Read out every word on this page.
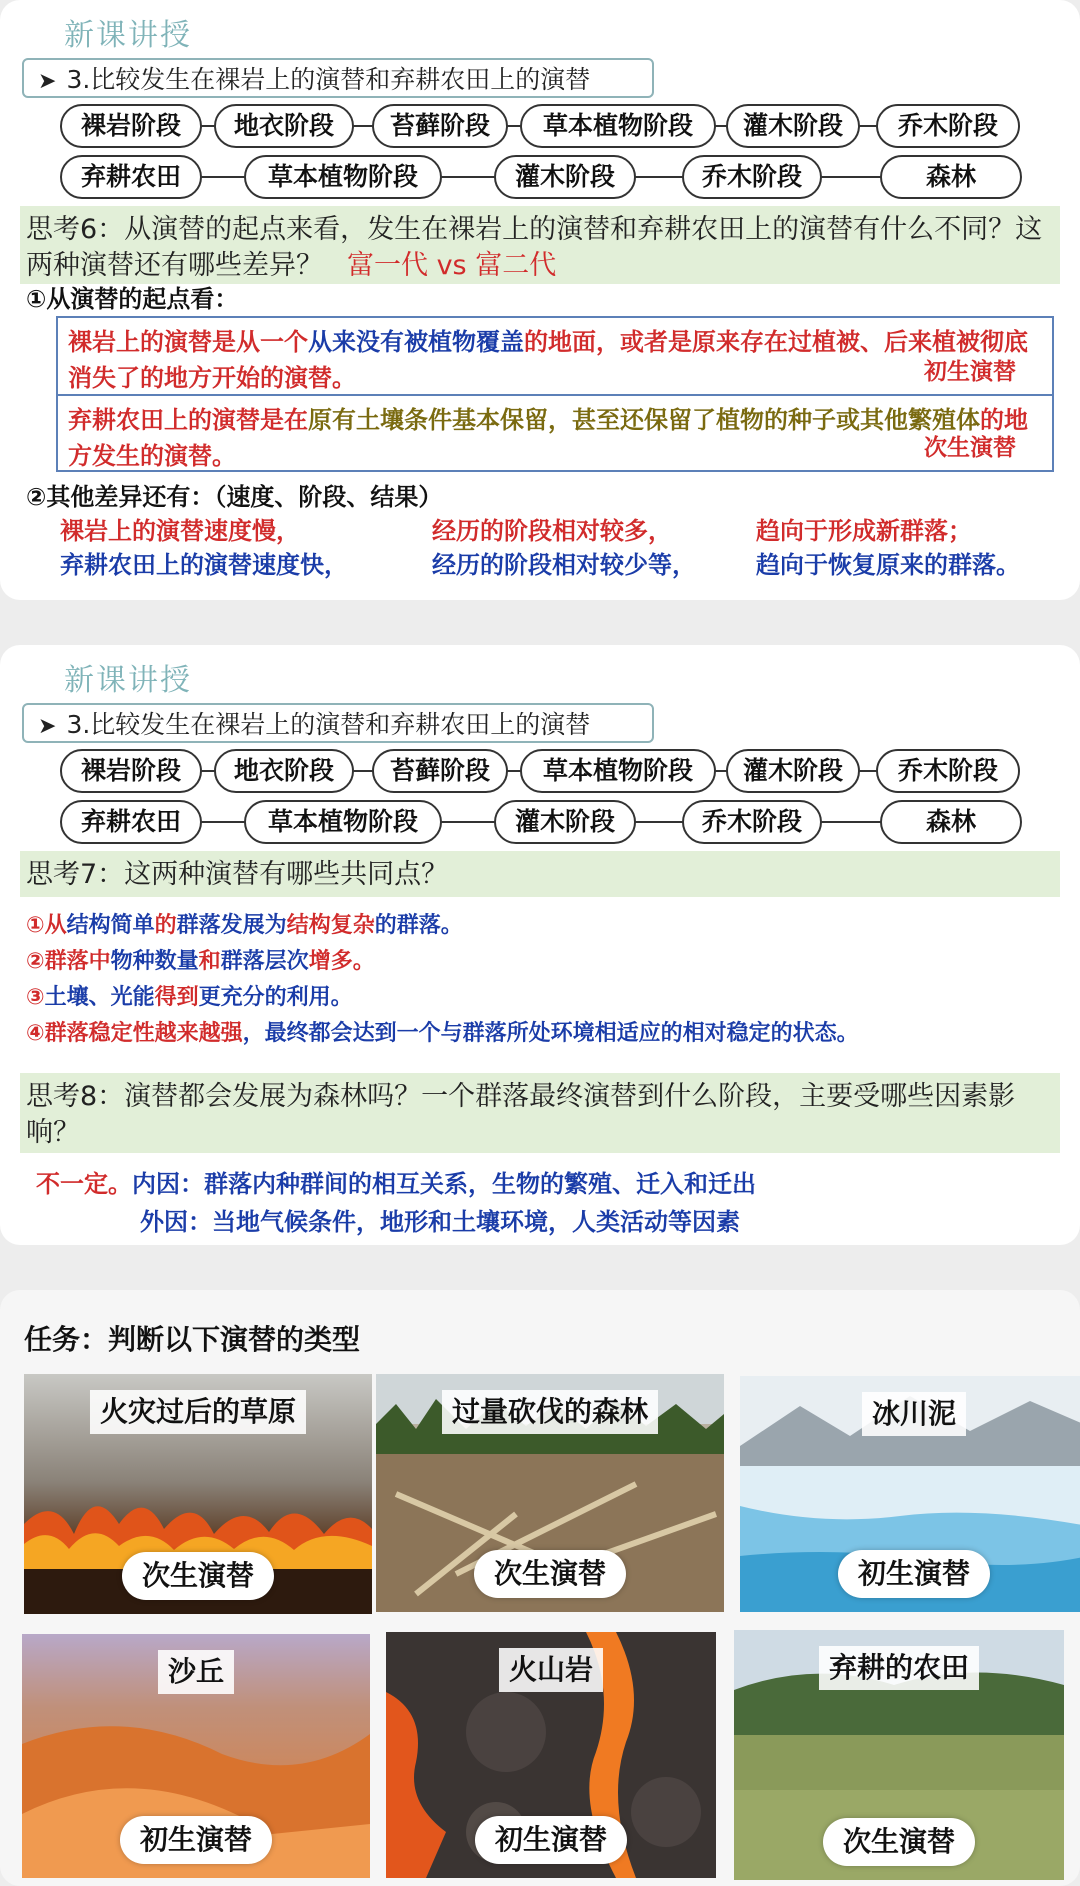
新课讲授
➤ 3.比较发生在裸岩上的演替和弃耕农田上的演替
裸岩阶段	地衣阶段	苔藓阶段	草本植物阶段	灌木阶段	乔木阶段
弃耕农田	草本植物阶段	灌木阶段	乔木阶段	森林
思考6：从演替的起点来看，发生在裸岩上的演替和弃耕农田上的演替有什么不同？这两种演替还有哪些差异？ 富一代 vs 富二代
①从演替的起点看：
裸岩上的演替是从一个从来没有被植物覆盖的地面，或者是原来存在过植被、后来植被彻底消失了的地方开始的演替。	初生演替
弃耕农田上的演替是在原有土壤条件基本保留，甚至还保留了植物的种子或其他繁殖体的地方发生的演替。	次生演替
②其他差异还有：（速度、阶段、结果）
裸岩上的演替速度慢，	经历的阶段相对较多，	趋向于形成新群落；
弃耕农田上的演替速度快，	经历的阶段相对较少等，	趋向于恢复原来的群落。
新课讲授
➤ 3.比较发生在裸岩上的演替和弃耕农田上的演替
裸岩阶段	地衣阶段	苔藓阶段	草本植物阶段	灌木阶段	乔木阶段
弃耕农田	草本植物阶段	灌木阶段	乔木阶段	森林
思考7：这两种演替有哪些共同点？
①从结构简单的群落发展为结构复杂的群落。
②群落中物种数量和群落层次增多。
③土壤、光能得到更充分的利用。
④群落稳定性越来越强，最终都会达到一个与群落所处环境相适应的相对稳定的状态。
思考8：演替都会发展为森林吗？一个群落最终演替到什么阶段，主要受哪些因素影响？
不一定。内因：群落内种群间的相互关系，生物的繁殖、迁入和迁出
外因：当地气候条件，地形和土壤环境，人类活动等因素
任务：判断以下演替的类型
火灾过后的草原
次生演替
过量砍伐的森林
次生演替
冰川泥
初生演替
沙丘
初生演替
火山岩
初生演替
弃耕的农田
次生演替
